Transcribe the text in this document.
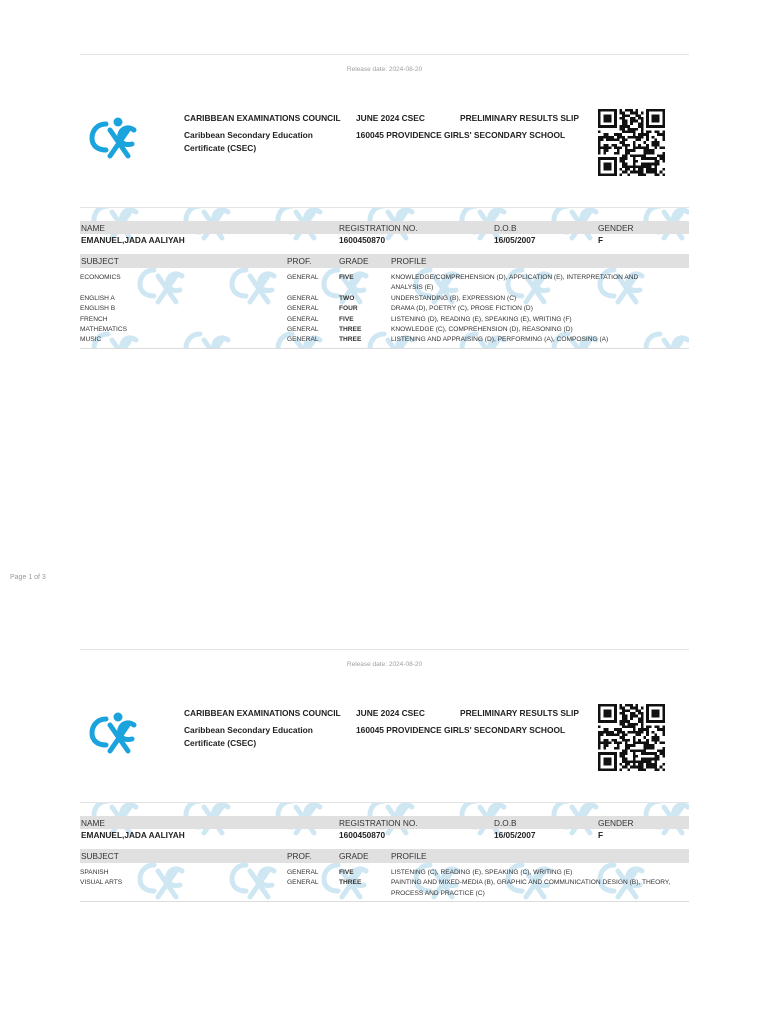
Page 1 of 3
Release date: 2024-08-20
CARIBBEAN EXAMINATIONS COUNCIL
Caribbean Secondary Education Certificate (CSEC)
JUNE 2024 CSEC
160045 PROVIDENCE GIRLS' SECONDARY SCHOOL
PRELIMINARY RESULTS SLIP
NAME	REGISTRATION NO.	D.O.B	GENDER
EMANUEL,JADA AALIYAH	1600450870	16/05/2007	F
SUBJECT	PROF.	GRADE	PROFILE
ECONOMICS	GENERAL	FIVE	KNOWLEDGE/COMPREHENSION (D), APPLICATION (E), INTERPRETATION AND ANALYSIS (E)
ENGLISH A	GENERAL	TWO	UNDERSTANDING (B), EXPRESSION (C)
ENGLISH B	GENERAL	FOUR	DRAMA (D), POETRY (C), PROSE FICTION (D)
FRENCH	GENERAL	FIVE	LISTENING (D), READING (E), SPEAKING (E), WRITING (F)
MATHEMATICS	GENERAL	THREE	KNOWLEDGE (C), COMPREHENSION (D), REASONING (D)
MUSIC	GENERAL	THREE	LISTENING AND APPRAISING (D), PERFORMING (A), COMPOSING (A)
Release date: 2024-08-20
CARIBBEAN EXAMINATIONS COUNCIL
Caribbean Secondary Education Certificate (CSEC)
JUNE 2024 CSEC
160045 PROVIDENCE GIRLS' SECONDARY SCHOOL
PRELIMINARY RESULTS SLIP
NAME	REGISTRATION NO.	D.O.B	GENDER
EMANUEL,JADA AALIYAH	1600450870	16/05/2007	F
SUBJECT	PROF.	GRADE	PROFILE
SPANISH	GENERAL	FIVE	LISTENING (C), READING (E), SPEAKING (C), WRITING (E)
VISUAL ARTS	GENERAL	THREE	PAINTING AND MIXED-MEDIA (B), GRAPHIC AND COMMUNICATION DESIGN (B), THEORY, PROCESS AND PRACTICE (C)
